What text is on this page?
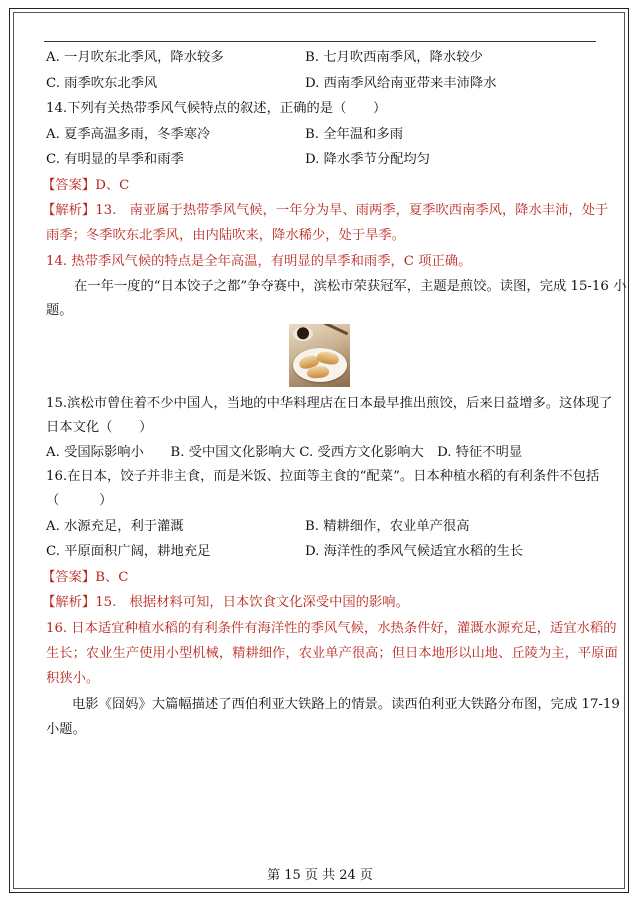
A. 一月吹东北季风，降水较多	B. 七月吹西南季风，降水较少
C. 雨季吹东北季风	D. 西南季风给南亚带来丰沛降水
14.下列有关热带季风气候特点的叙述，正确的是（　　）
A. 夏季高温多雨，冬季寒冷	B. 全年温和多雨
C. 有明显的旱季和雨季	D. 降水季节分配均匀
【答案】D、C
【解析】13.　南亚属于热带季风气候，一年分为旱、雨两季，夏季吹西南季风，降水丰沛，处于
雨季；冬季吹东北季风，由内陆吹来，降水稀少，处于旱季。
14. 热带季风气候的特点是全年高温，有明显的旱季和雨季，C 项正确。
在一年一度的“日本饺子之都”争夺赛中，滨松市荣获冠军，主题是煎饺。读图，完成 15-16 小
题。
15.滨松市曾住着不少中国人，当地的中华料理店在日本最早推出煎饺，后来日益增多。这体现了
日本文化（　　）
A. 受国际影响小　　B. 受中国文化影响大 C. 受西方文化影响大　D. 特征不明显
16.在日本，饺子并非主食，而是米饭、拉面等主食的“配菜”。日本种植水稻的有利条件不包括
（　　　）
A. 水源充足，利于灌溉	B. 精耕细作，农业单产很高
C. 平原面积广阔，耕地充足	D. 海洋性的季风气候适宜水稻的生长
【答案】B、C
【解析】15.　根据材料可知，日本饮食文化深受中国的影响。
16. 日本适宜种植水稻的有利条件有海洋性的季风气候，水热条件好，灌溉水源充足，适宜水稻的
生长；农业生产使用小型机械，精耕细作，农业单产很高；但日本地形以山地、丘陵为主，平原面
积狭小。
电影《囧妈》大篇幅描述了西伯利亚大铁路上的情景。读西伯利亚大铁路分布图，完成 17-19
小题。
第 15 页 共 24 页
